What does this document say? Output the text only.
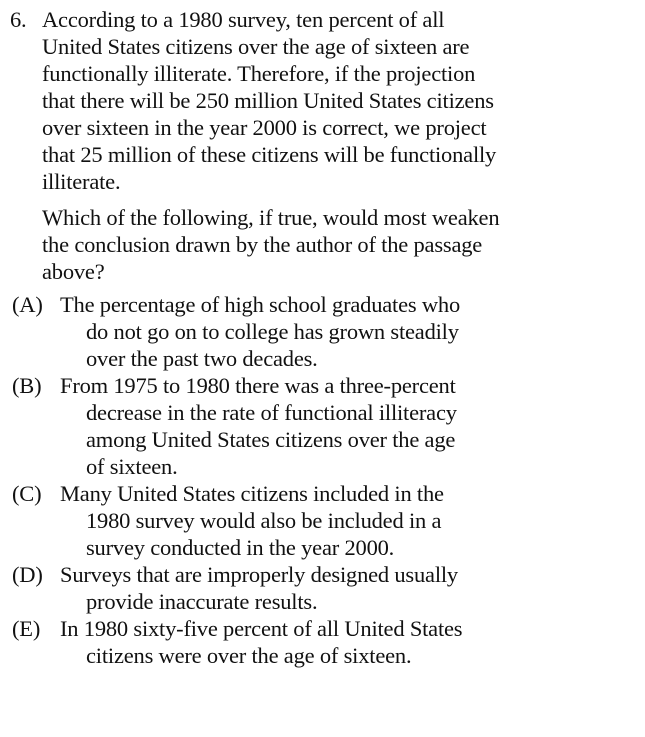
6. According to a 1980 survey, ten percent of all
United States citizens over the age of sixteen are
functionally illiterate. Therefore, if the projection
that there will be 250 million United States citizens
over sixteen in the year 2000 is correct, we project
that 25 million of these citizens will be functionally
illiterate.
Which of the following, if true, would most weaken
the conclusion drawn by the author of the passage
above?
(A) The percentage of high school graduates who
do not go on to college has grown steadily
over the past two decades.
(B) From 1975 to 1980 there was a three-percent
decrease in the rate of functional illiteracy
among United States citizens over the age
of sixteen.
(C) Many United States citizens included in the
1980 survey would also be included in a
survey conducted in the year 2000.
(D) Surveys that are improperly designed usually
provide inaccurate results.
(E) In 1980 sixty-five percent of all United States
citizens were over the age of sixteen.
